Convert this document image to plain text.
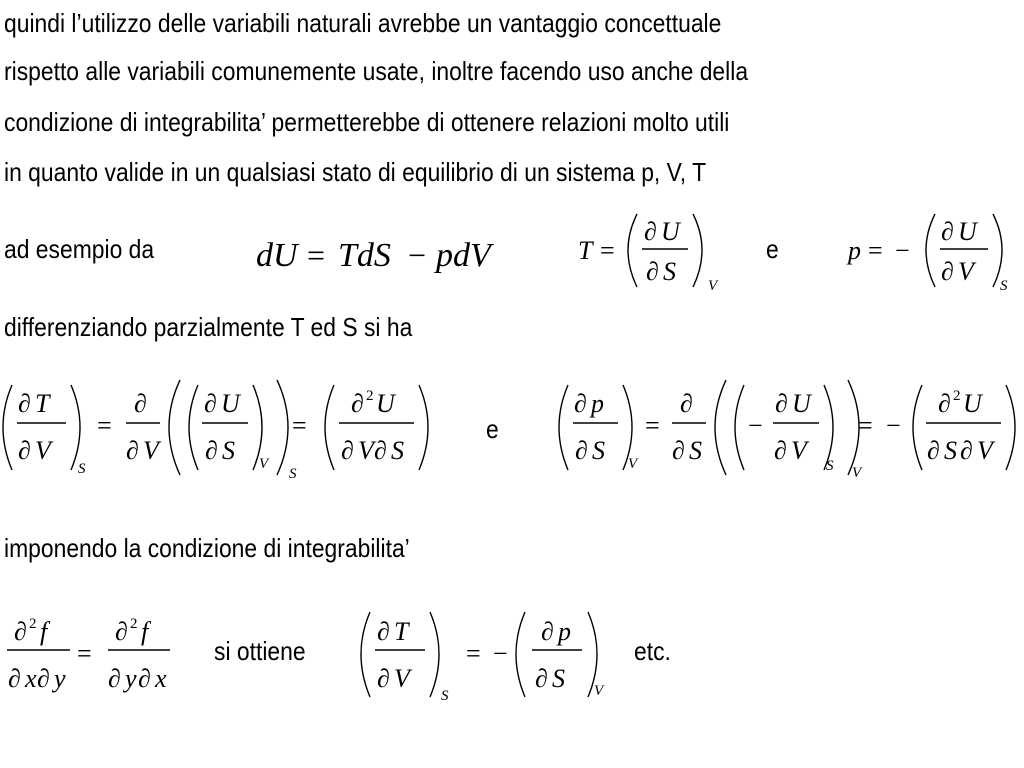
quindi l’utilizzo delle variabili naturali avrebbe un vantaggio concettuale
rispetto alle variabili comunemente usate, inoltre facendo uso anche della
condizione di integrabilita’ permetterebbe di ottenere relazioni molto utili
in quanto valide in un qualsiasi stato di equilibrio di un sistema p, V, T
ad esempio da	e
differenziando parzialmente T ed S si ha
e
imponendo la condizione di integrabilita’
si ottiene	etc.
dU = TdS − pdV	T =
∂ U
∂ S V
p = −
∂ U
∂ V S
∂ T
∂ V
S
=
∂
∂ V
∂ U
∂ S V
S
=
∂ 2 U
∂ V ∂ S
∂ p
∂ S V
=
∂
∂ S
−
∂ U
∂ V
S V
= −
∂ 2 U
∂ S ∂ V
∂ 2 f
∂ x ∂ y
=
∂ 2 f
∂ y ∂ x
∂ T
∂ V
S
= −
∂ p
∂ S V
